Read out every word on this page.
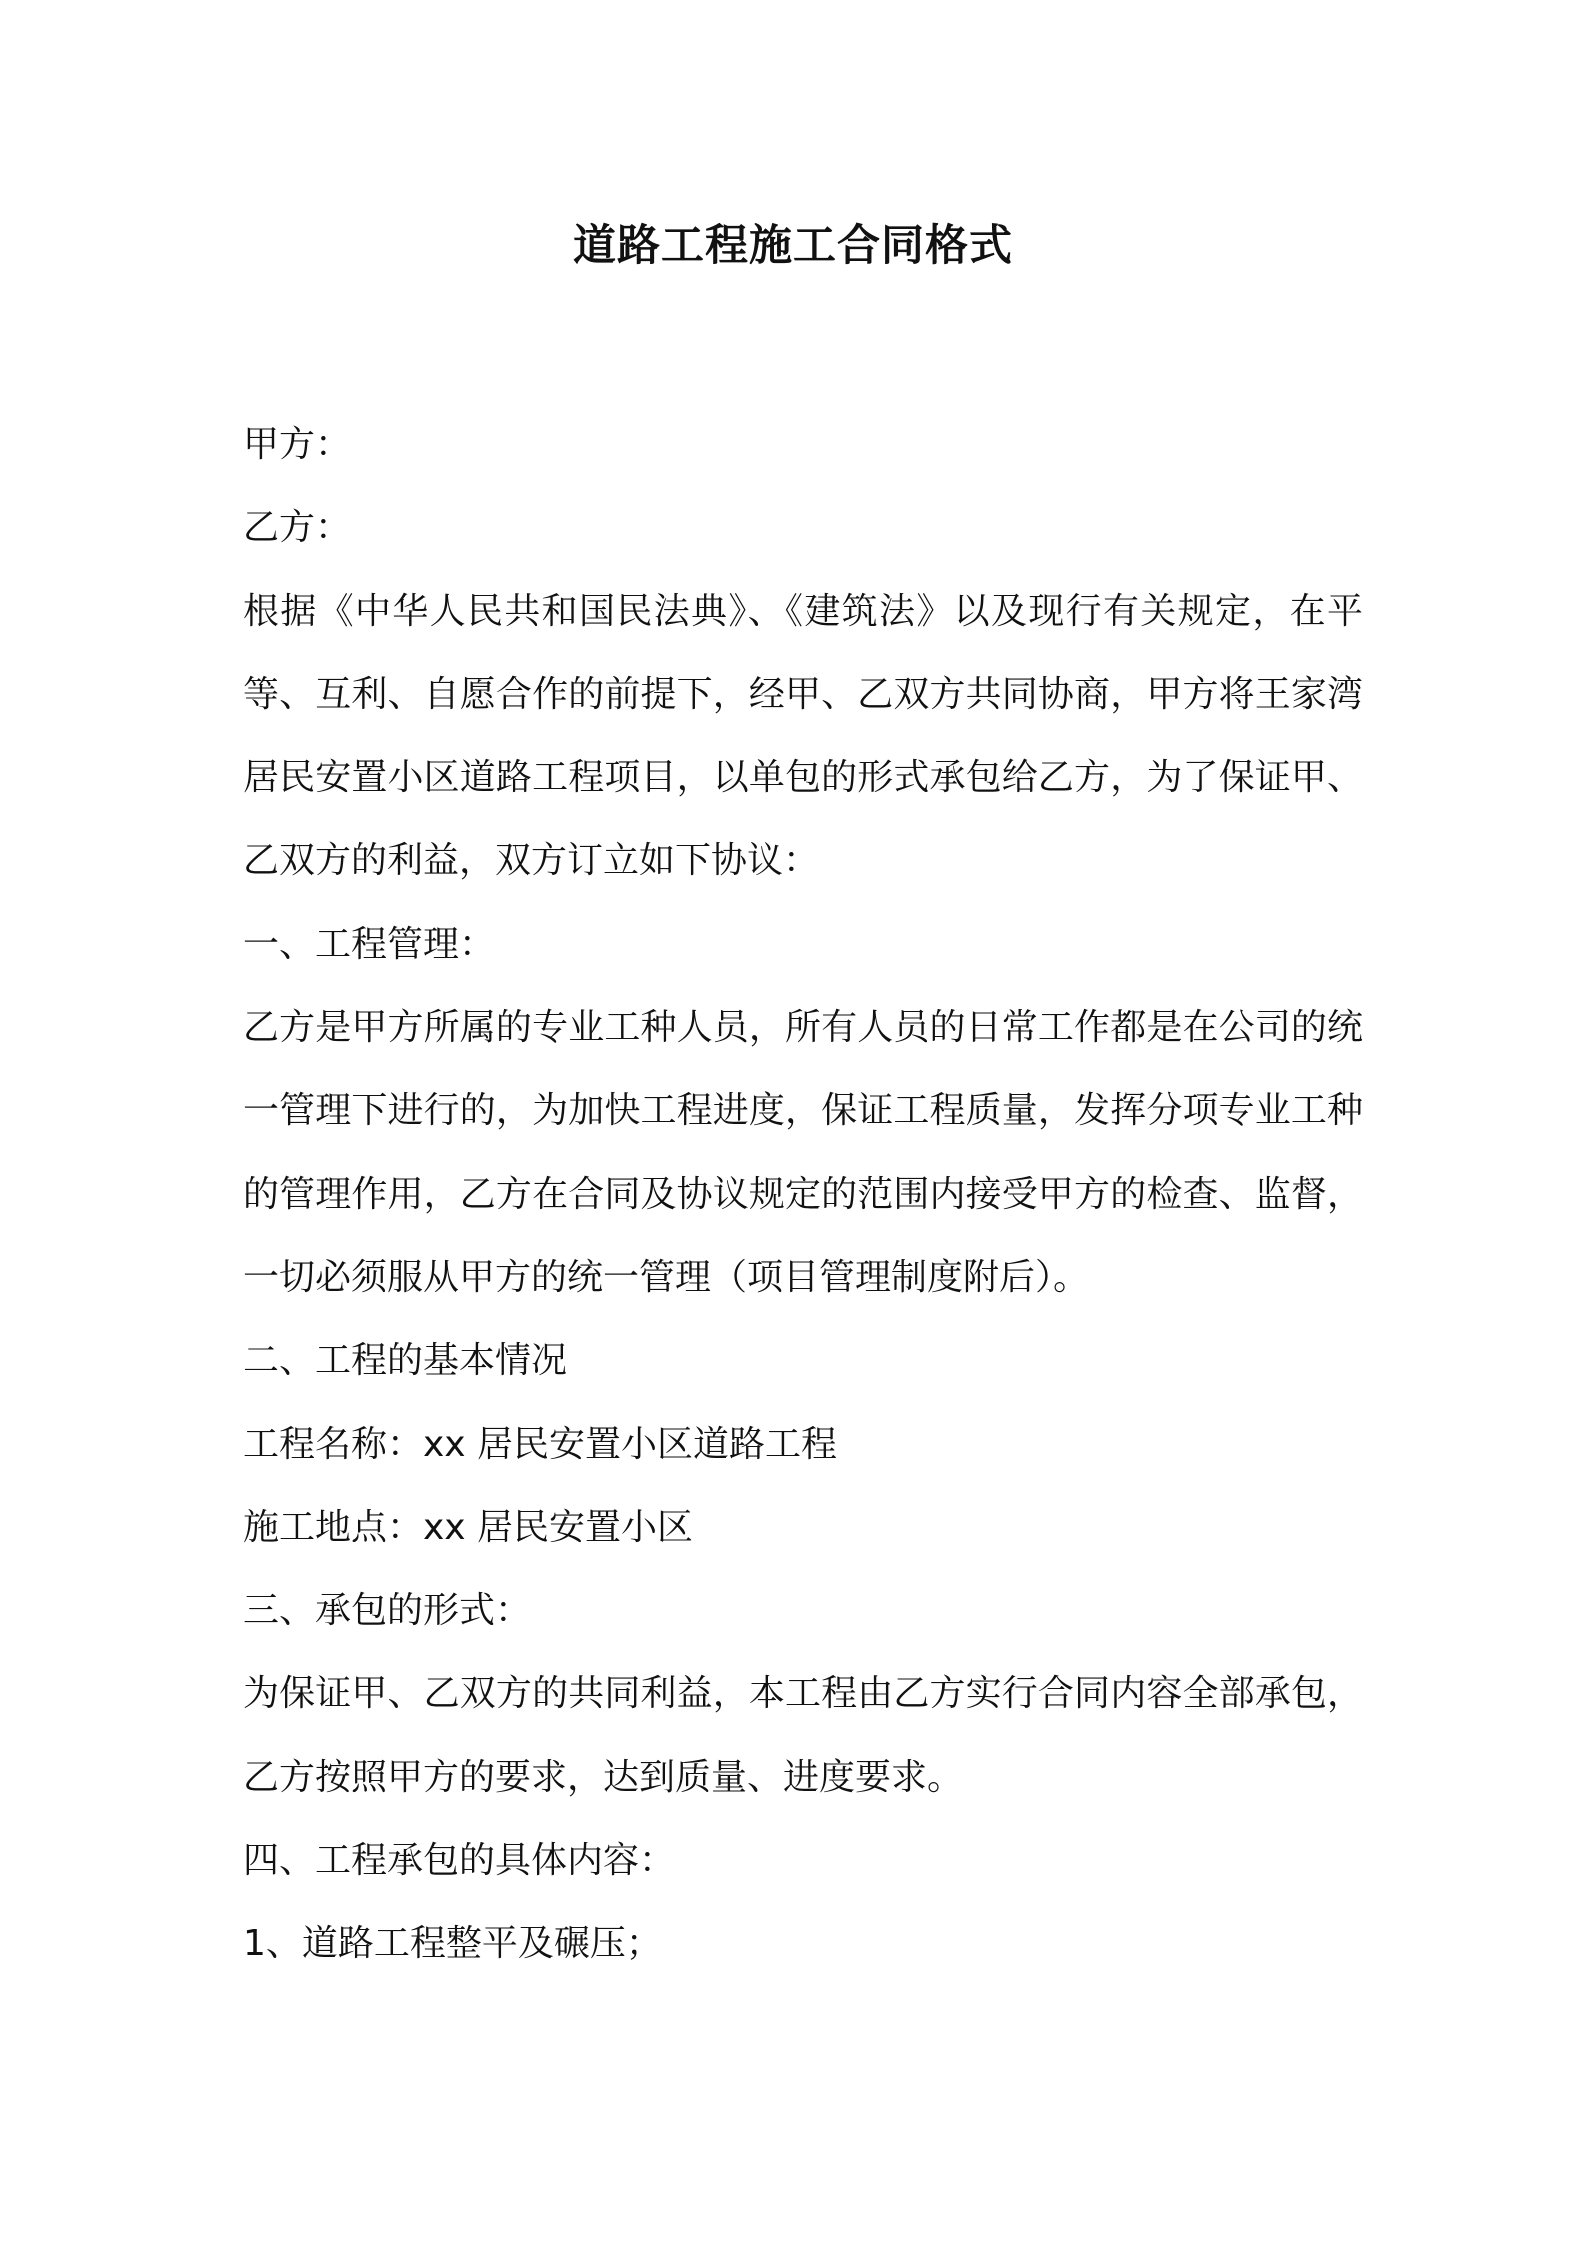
道路工程施工合同格式

甲方：

乙方：

根据《中华人民共和国民法典》、《建筑法》以及现行有关规定，在平等、互利、自愿合作的前提下，经甲、乙双方共同协商，甲方将王家湾居民安置小区道路工程项目，以单包的形式承包给乙方，为了保证甲、乙双方的利益，双方订立如下协议：

一、工程管理：

乙方是甲方所属的专业工种人员，所有人员的日常工作都是在公司的统一管理下进行的，为加快工程进度，保证工程质量，发挥分项专业工种的管理作用，乙方在合同及协议规定的范围内接受甲方的检查、监督，一切必须服从甲方的统一管理（项目管理制度附后）。

二、工程的基本情况

工程名称：xx 居民安置小区道路工程

施工地点：xx 居民安置小区

三、承包的形式：

为保证甲、乙双方的共同利益，本工程由乙方实行合同内容全部承包，乙方按照甲方的要求，达到质量、进度要求。

四、工程承包的具体内容：

1、道路工程整平及碾压；
